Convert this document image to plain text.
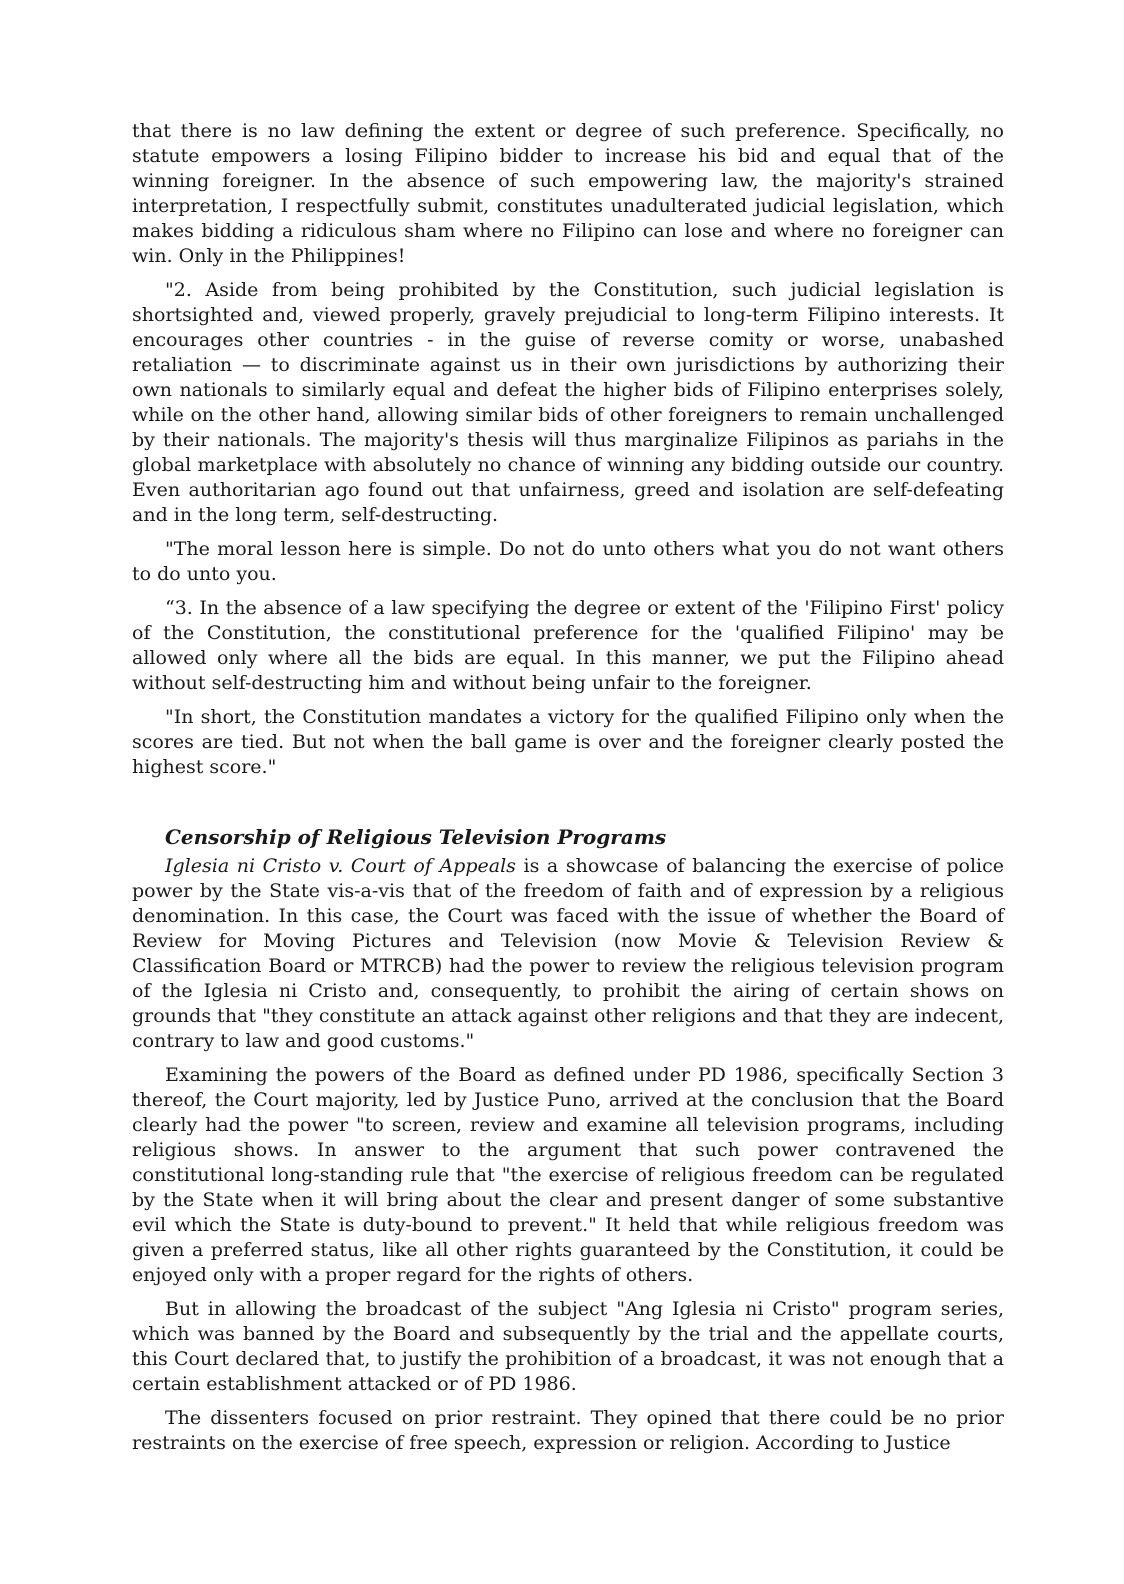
that there is no law defining the extent or degree of such preference. Specifically, no statute empowers a losing Filipino bidder to increase his bid and equal that of the winning foreigner. In the absence of such empowering law, the majority's strained interpretation, I respectfully submit, constitutes unadulterated judicial legislation, which makes bidding a ridiculous sham where no Filipino can lose and where no foreigner can win. Only in the Philippines!

"2. Aside from being prohibited by the Constitution, such judicial legislation is shortsighted and, viewed properly, gravely prejudicial to long-term Filipino interests. It encourages other countries - in the guise of reverse comity or worse, unabashed retaliation — to discriminate against us in their own jurisdictions by authorizing their own nationals to similarly equal and defeat the higher bids of Filipino enterprises solely, while on the other hand, allowing similar bids of other foreigners to remain unchallenged by their nationals. The majority's thesis will thus marginalize Filipinos as pariahs in the global marketplace with absolutely no chance of winning any bidding outside our country. Even authoritarian ago found out that unfairness, greed and isolation are self-defeating and in the long term, self-destructing.

"The moral lesson here is simple. Do not do unto others what you do not want others to do unto you.

“3. In the absence of a law specifying the degree or extent of the 'Filipino First' policy of the Constitution, the constitutional preference for the 'qualified Filipino' may be allowed only where all the bids are equal. In this manner, we put the Filipino ahead without self-destructing him and without being unfair to the foreigner.

"In short, the Constitution mandates a victory for the qualified Filipino only when the scores are tied. But not when the ball game is over and the foreigner clearly posted the highest score."

Censorship of Religious Television Programs

Iglesia ni Cristo v. Court of Appeals is a showcase of balancing the exercise of police power by the State vis-a-vis that of the freedom of faith and of expression by a religious denomination. In this case, the Court was faced with the issue of whether the Board of Review for Moving Pictures and Television (now Movie & Television Review & Classification Board or MTRCB) had the power to review the religious television program of the Iglesia ni Cristo and, consequently, to prohibit the airing of certain shows on grounds that "they constitute an attack against other religions and that they are indecent, contrary to law and good customs."

Examining the powers of the Board as defined under PD 1986, specifically Section 3 thereof, the Court majority, led by Justice Puno, arrived at the conclusion that the Board clearly had the power "to screen, review and examine all television programs, including religious shows. In answer to the argument that such power contravened the constitutional long-standing rule that "the exercise of religious freedom can be regulated by the State when it will bring about the clear and present danger of some substantive evil which the State is duty-bound to prevent." It held that while religious freedom was given a preferred status, like all other rights guaranteed by the Constitution, it could be enjoyed only with a proper regard for the rights of others.

But in allowing the broadcast of the subject "Ang Iglesia ni Cristo" program series, which was banned by the Board and subsequently by the trial and the appellate courts, this Court declared that, to justify the prohibition of a broadcast, it was not enough that a certain establishment attacked or of PD 1986.

The dissenters focused on prior restraint. They opined that there could be no prior restraints on the exercise of free speech, expression or religion. According to Justice
